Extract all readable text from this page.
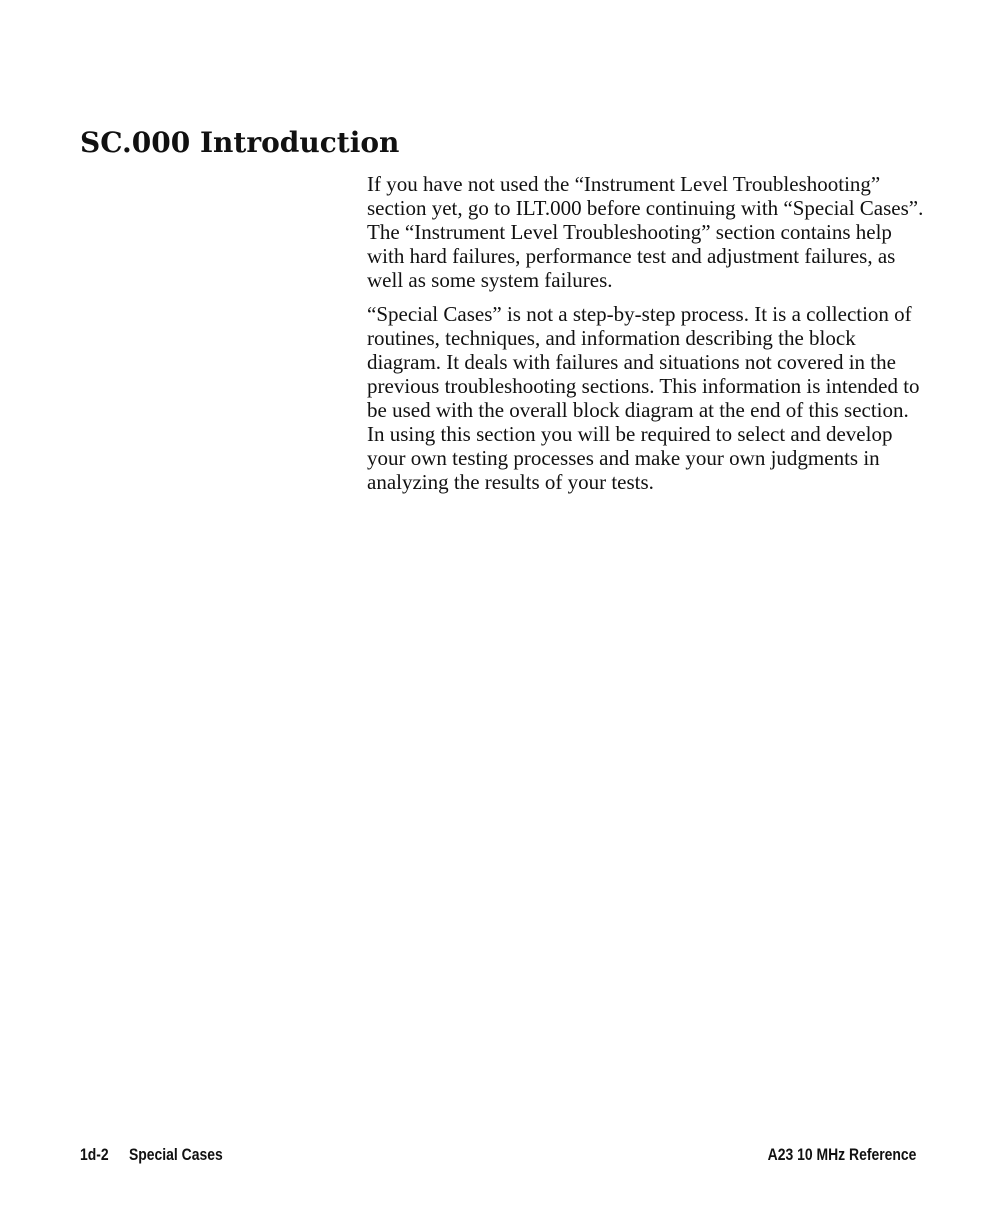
SC.000 Introduction

If you have not used the “Instrument Level Troubleshooting” section yet, go to ILT.000 before continuing with “Special Cases”. The “Instrument Level Troubleshooting” section contains help with hard failures, performance test and adjustment failures, as well as some system failures.

“Special Cases” is not a step-by-step process. It is a collection of routines, techniques, and information describing the block diagram. It deals with failures and situations not covered in the previous troubleshooting sections. This information is intended to be used with the overall block diagram at the end of this section. In using this section you will be required to select and develop your own testing processes and make your own judgments in analyzing the results of your tests.

1d-2 Special Cases	A23 10 MHz Reference
